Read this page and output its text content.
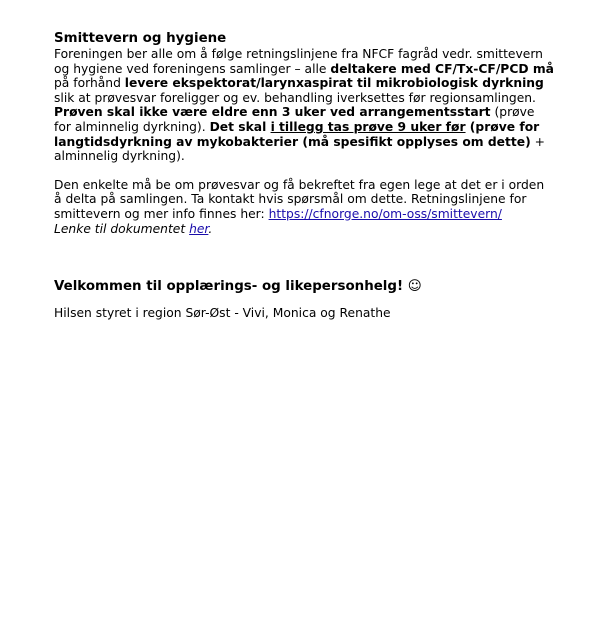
Smittevern og hygiene

Foreningen ber alle om å følge retningslinjene fra NFCF fagråd vedr. smittevern og hygiene ved foreningens samlinger – alle deltakere med CF/Tx-CF/PCD må på forhånd levere ekspektorat/larynxaspirat til mikrobiologisk dyrkning slik at prøvesvar foreligger og ev. behandling iverksettes før regionsamlingen. Prøven skal ikke være eldre enn 3 uker ved arrangementsstart (prøve for alminnelig dyrkning). Det skal i tillegg tas prøve 9 uker før (prøve for langtidsdyrkning av mykobakterier (må spesifikt opplyses om dette) + alminnelig dyrkning).

Den enkelte må be om prøvesvar og få bekreftet fra egen lege at det er i orden å delta på samlingen. Ta kontakt hvis spørsmål om dette. Retningslinjene for smittevern og mer info finnes her: https://cfnorge.no/om-oss/smittevern/
Lenke til dokumentet her.

Velkommen til opplærings- og likepersonhelg! ☺

Hilsen styret i region Sør-Øst - Vivi, Monica og Renathe
